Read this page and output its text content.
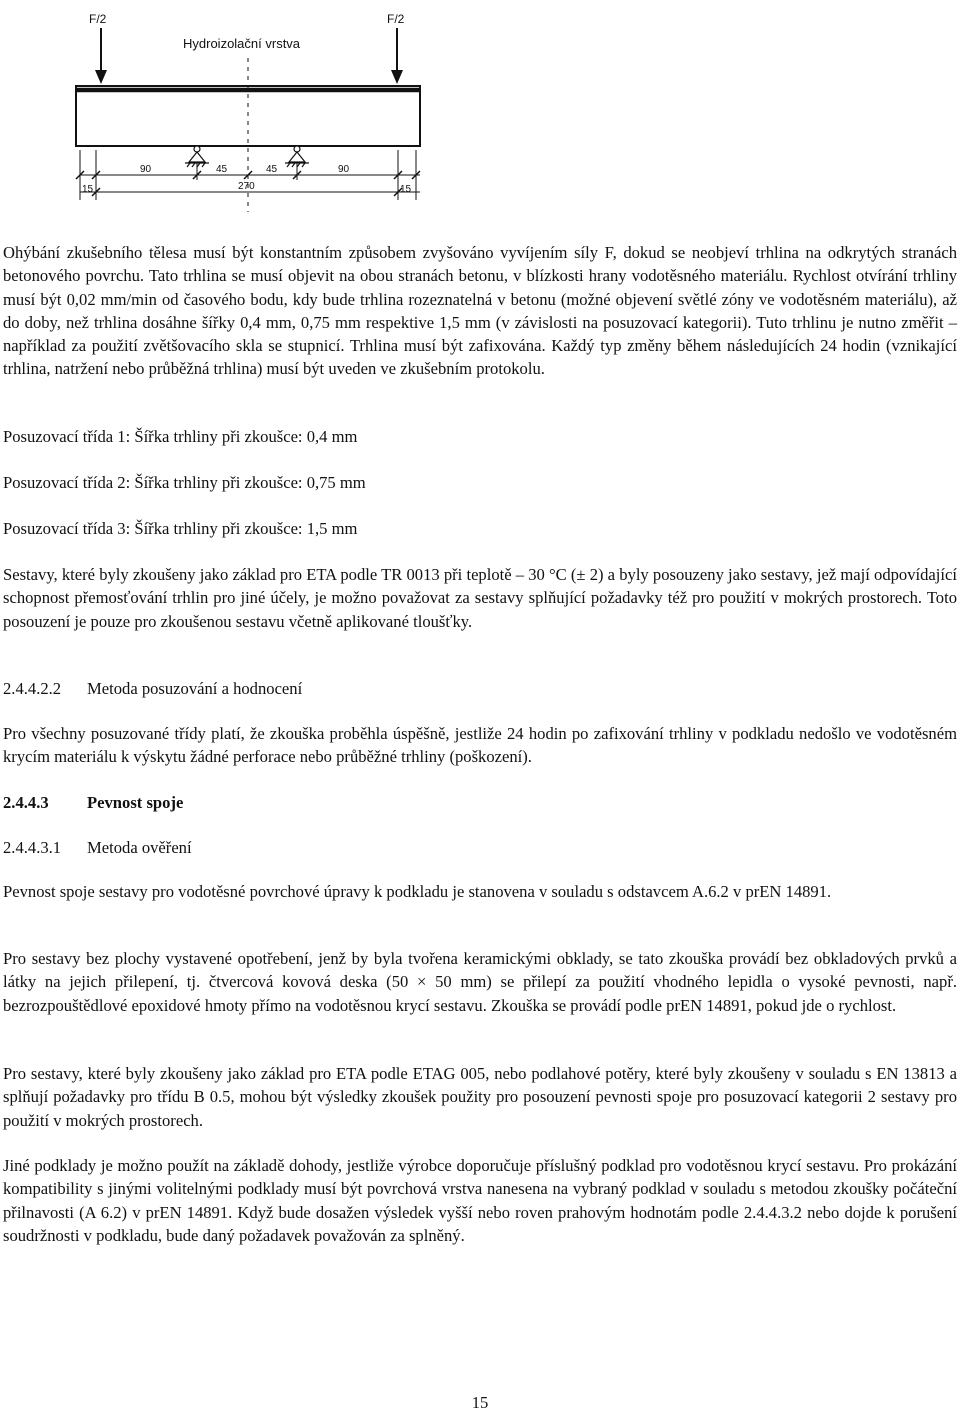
F/2	F/2
Hydroizolační vrstva
90	45	45	90
270
15	15

Ohýbání zkušebního tělesa musí být konstantním způsobem zvyšováno vyvíjením síly F, dokud se neobjeví trhlina na odkrytých stranách betonového povrchu. Tato trhlina se musí objevit na obou stranách betonu, v blízkosti hrany vodotěsného materiálu. Rychlost otvírání trhliny musí být 0,02 mm/min od časového bodu, kdy bude trhlina rozeznatelná v betonu (možné objevení světlé zóny ve vodotěsném materiálu), až do doby, než trhlina dosáhne šířky 0,4 mm, 0,75 mm respektive 1,5 mm (v závislosti na posuzovací kategorii). Tuto trhlinu je nutno změřit – například za použití zvětšovacího skla se stupnicí. Trhlina musí být zafixována. Každý typ změny během následujících 24 hodin (vznikající trhlina, natržení nebo průběžná trhlina) musí být uveden ve zkušebním protokolu.

Posuzovací třída 1: Šířka trhliny při zkoušce: 0,4 mm

Posuzovací třída 2: Šířka trhliny při zkoušce: 0,75 mm

Posuzovací třída 3: Šířka trhliny při zkoušce: 1,5 mm

Sestavy, které byly zkoušeny jako základ pro ETA podle TR 0013 při teplotě – 30 °C (± 2) a byly posouzeny jako sestavy, jež mají odpovídající schopnost přemosťování trhlin pro jiné účely, je možno považovat za sestavy splňující požadavky též pro použití v mokrých prostorech. Toto posouzení je pouze pro zkoušenou sestavu včetně aplikované tloušťky.

2.4.4.2.2 Metoda posuzování a hodnocení

Pro všechny posuzované třídy platí, že zkouška proběhla úspěšně, jestliže 24 hodin po zafixování trhliny v podkladu nedošlo ve vodotěsném krycím materiálu k výskytu žádné perforace nebo průběžné trhliny (poškození).

2.4.4.3 Pevnost spoje

2.4.4.3.1 Metoda ověření

Pevnost spoje sestavy pro vodotěsné povrchové úpravy k podkladu je stanovena v souladu s odstavcem A.6.2 v prEN 14891.

Pro sestavy bez plochy vystavené opotřebení, jenž by byla tvořena keramickými obklady, se tato zkouška provádí bez obkladových prvků a látky na jejich přilepení, tj. čtvercová kovová deska (50 × 50 mm) se přilepí za použití vhodného lepidla o vysoké pevnosti, např. bezrozpouštědlové epoxidové hmoty přímo na vodotěsnou krycí sestavu. Zkouška se provádí podle prEN 14891, pokud jde o rychlost.

Pro sestavy, které byly zkoušeny jako základ pro ETA podle ETAG 005, nebo podlahové potěry, které byly zkoušeny v souladu s EN 13813 a splňují požadavky pro třídu B 0.5, mohou být výsledky zkoušek použity pro posouzení pevnosti spoje pro posuzovací kategorii 2 sestavy pro použití v mokrých prostorech.

Jiné podklady je možno použít na základě dohody, jestliže výrobce doporučuje příslušný podklad pro vodotěsnou krycí sestavu. Pro prokázání kompatibility s jinými volitelnými podklady musí být povrchová vrstva nanesena na vybraný podklad v souladu s metodou zkoušky počáteční přilnavosti (A 6.2) v prEN 14891. Když bude dosažen výsledek vyšší nebo roven prahovým hodnotám podle 2.4.4.3.2 nebo dojde k porušení soudržnosti v podkladu, bude daný požadavek považován za splněný.

15
